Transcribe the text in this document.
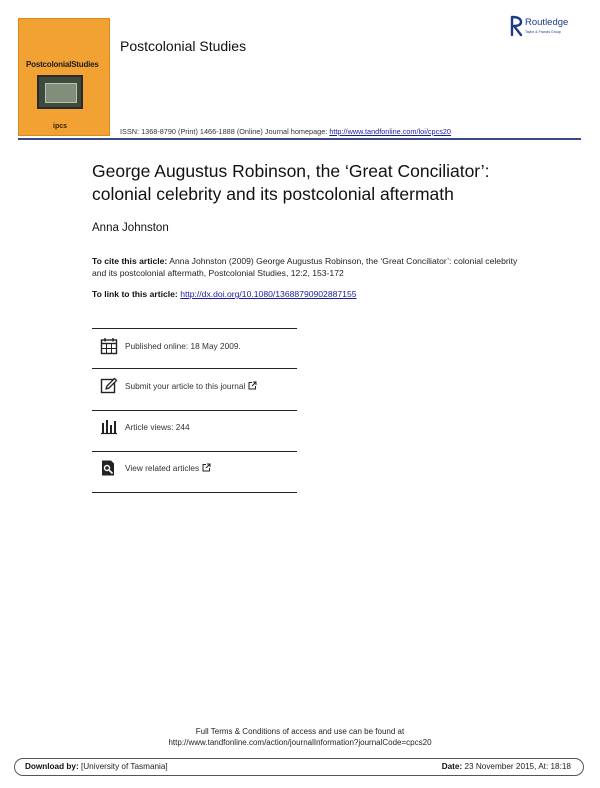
PostcolonialStudies
ipcs
Postcolonial Studies
ISSN: 1368-8790 (Print) 1466-1888 (Online) Journal homepage: http://www.tandfonline.com/loi/cpcs20
Routledge
Taylor & Francis Group
George Augustus Robinson, the ‘Great Conciliator’:
colonial celebrity and its postcolonial aftermath
Anna Johnston
To cite this article: Anna Johnston (2009) George Augustus Robinson, the ‘Great Conciliator’: colonial celebrity and its postcolonial aftermath, Postcolonial Studies, 12:2, 153-172
To link to this article: http://dx.doi.org/10.1080/13688790902887155
Published online: 18 May 2009.
Submit your article to this journal
Article views: 244
View related articles
Full Terms & Conditions of access and use can be found at
http://www.tandfonline.com/action/journalInformation?journalCode=cpcs20
Download by: [University of Tasmania]	Date: 23 November 2015, At: 18:18
